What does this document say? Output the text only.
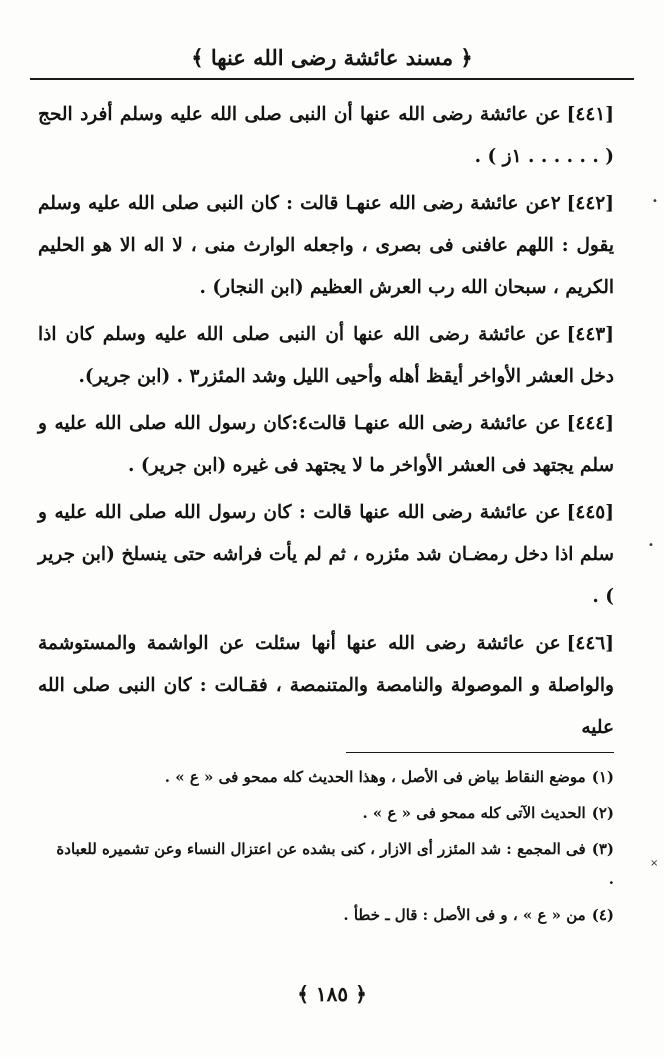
﴿ مسند عائشة رضى الله عنها ﴾

[٤٤١]عن عائشة رضى الله عنها أن النبى صلى الله عليه وسلم أفرد الحج ( . . . . . . ۱ز ) .

[٤٤٢]۲عن عائشة رضى الله عنهـا قالت : كان النبى صلى الله عليه وسلم يقول : اللهم عافنى فى بصرى ، واجعله الوارث منى ، لا اله الا هو الحليم الكريم ، سبحان الله رب العرش العظيم (ابن النجار) .

[٤٤٣]عن عائشة رضى الله عنها أن النبى صلى الله عليه وسلم كان اذا دخل العشر الأواخر أيقظ أهله وأحيى الليل وشد المئزر۳ . (ابن جرير).

[٤٤٤]عن عائشة رضى الله عنهـا قالت٤:كان رسول الله صلى الله عليه و سلم يجتهد فى العشر الأواخر ما لا يجتهد فى غيره (ابن جرير) .

[٤٤٥]عن عائشة رضى الله عنها قالت : كان رسول الله صلى الله عليه و سلم اذا دخل رمضـان شد مئزره ، ثم لم يأت فراشه حتى ينسلخ (ابن جرير ) .

[٤٤٦]عن عائشة رضى الله عنها أنها سئلت عن الواشمة والمستوشمة والواصلة و الموصولة والنامصة والمتنمصة ، فقـالت : كان النبى صلى الله عليه

(۱)موضع النقاط بياض فى الأصل ، وهذا الحديث كله ممحو فى « ع » .

(۲)الحديث الآتى كله ممحو فى « ع » .

(۳)فى المجمع : شد المئزر أى الازار ، كنى بشده عن اعتزال النساء وعن تشميره للعبادة .

(٤)من « ع » ، و فى الأصل : قال ـ خطأ .

﴿ ۱۸٥ ﴾
•
•
×
